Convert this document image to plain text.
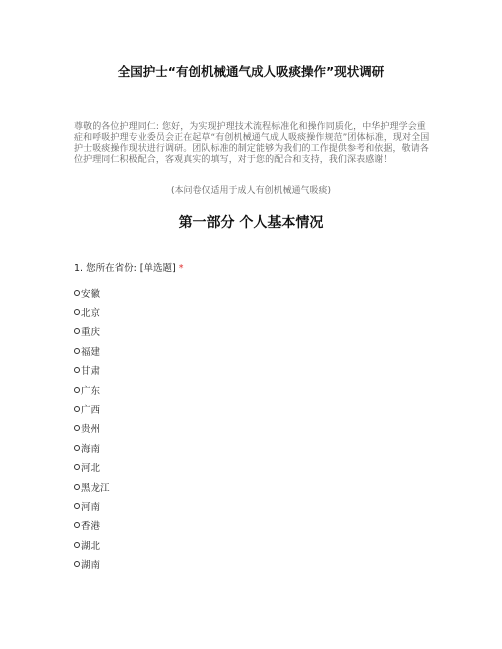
全国护士“有创机械通气成人吸痰操作”现状调研
尊敬的各位护理同仁: 您好，为实现护理技术流程标准化和操作同质化，中华护理学会重症和呼吸护理专业委员会正在起草“有创机械通气成人吸痰操作规范”团体标准，现对全国护士吸痰操作现状进行调研。团队标准的制定能够为我们的工作提供参考和依据，敬请各位护理同仁积极配合，客观真实的填写，对于您的配合和支持，我们深表感谢！
(本问卷仅适用于成人有创机械通气吸痰)
第一部分 个人基本情况
1. 您所在省份: [单选题] *
安徽
北京
重庆
福建
甘肃
广东
广西
贵州
海南
河北
黑龙江
河南
香港
湖北
湖南
